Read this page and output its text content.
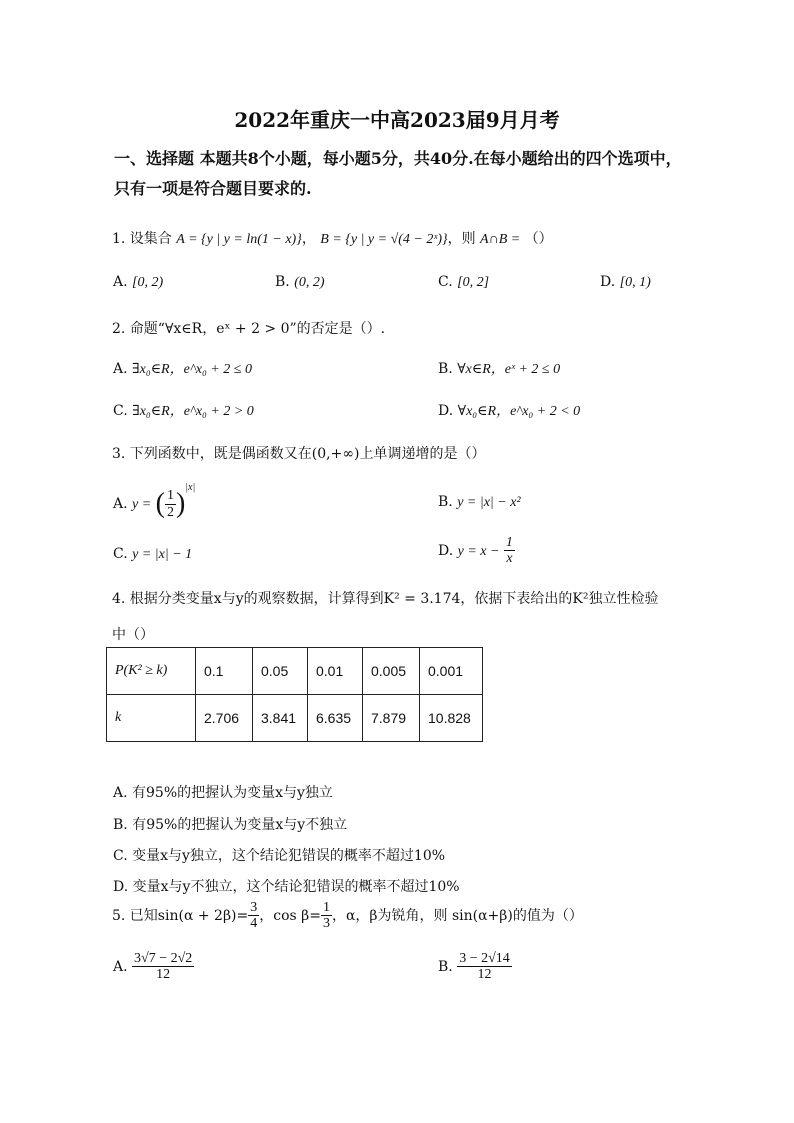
2022年重庆一中高2023届9月月考
一、选择题 本题共8个小题，每小题5分，共40分.在每小题给出的四个选项中，
只有一项是符合题目要求的.
1. 设集合 A = {y | y = ln(1 − x)}， B = {y | y = √(4 − 2ˣ)}，则 A∩B = （）
A. [0, 2)	B. (0, 2)	C. [0, 2]	D. [0, 1)
2. 命题“∀x∈R，eˣ + 2 > 0”的否定是（）.
A. ∃x₀∈R，e^x₀ + 2 ≤ 0	B. ∀x∈R，eˣ + 2 ≤ 0
C. ∃x₀∈R，e^x₀ + 2 > 0	D. ∀x₀∈R，e^x₀ + 2 < 0
3. 下列函数中，既是偶函数又在(0,+∞)上单调递增的是（）
A. y = ( $\frac{1}{2} )^{|x|}$
B. y = |x| − x²
C. y = |x| − 1	D. $y = x - \frac{1}{x}$
4. 根据分类变量x与y的观察数据，计算得到K² = 3.174，依据下表给出的K²独立性检验
中（）
P(K² ≥ k)	0.1	0.05	0.01	0.005	0.001
k	2.706	3.841	6.635	7.879	10.828
A. 有95%的把握认为变量x与y独立
B. 有95%的把握认为变量x与y不独立
C. 变量x与y独立，这个结论犯错误的概率不超过10%
D. 变量x与y不独立，这个结论犯错误的概率不超过10%
5. 已知$\sin(\alpha + 2\beta)= \frac{3}{4}$ ，$\cos \beta= \frac{1}{3}$ ，α，β为锐角，则 sin(α+β)的值为（）
A. $\frac{3√7 - 2√2}{12}$	B. $\frac{3 - 2√14}{12}$
